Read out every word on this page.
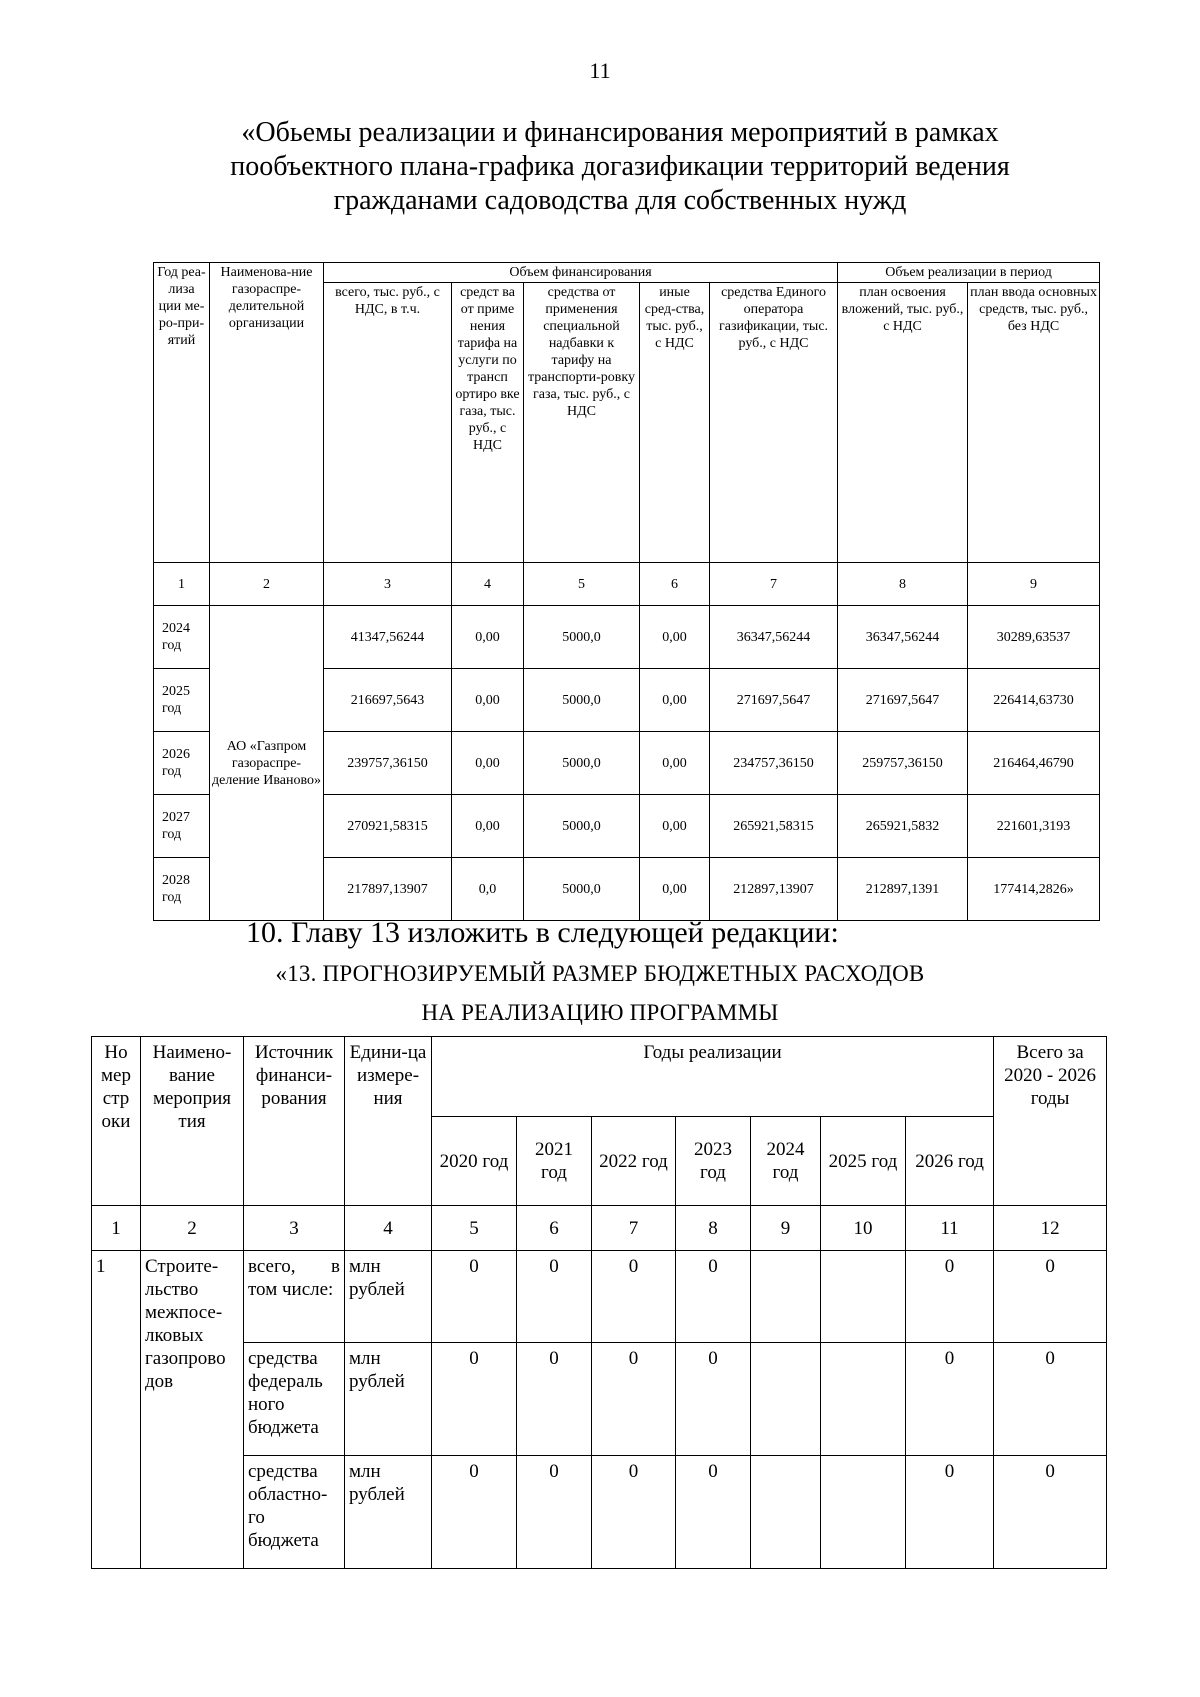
11
«Обьемы реализации и финансирования мероприятий в рамках пообъектного плана-графика догазификации территорий ведения гражданами садоводства для собственных нужд
Год реа-лиза ции ме-ро-при-ятий	Наименова-ние газораспре-делительной организации	Объем финансирования					Объем реализации в период	
		всего, тыс. руб., с НДС, в т.ч.	средст ва от приме нения тарифа на услуги по трансп ортиро вке газа, тыс. руб., с НДС	средства от применения специальной надбавки к тарифу на транспорти-ровку газа, тыс. руб., с НДС	иные сред-ства, тыс. руб., с НДС	средства Единого оператора газификации, тыс. руб., с НДС	план освоения вложений, тыс. руб., с НДС	план ввода основных средств, тыс. руб., без НДС
1	2	3	4	5	6	7	8	9
2024 год	АО «Газпром газораспре-деление Иваново»	41347,56244	0,00	5000,0	0,00	36347,56244	36347,56244	30289,63537
2025 год		216697,5643	0,00	5000,0	0,00	271697,5647	271697,5647	226414,63730
2026 год		239757,36150	0,00	5000,0	0,00	234757,36150	259757,36150	216464,46790
2027 год		270921,58315	0,00	5000,0	0,00	265921,58315	265921,5832	221601,3193
2028 год		217897,13907	0,0	5000,0	0,00	212897,13907	212897,1391	177414,2826»
10. Главу 13 изложить в следующей редакции:
«13. ПРОГНОЗИРУЕМЫЙ РАЗМЕР БЮДЖЕТНЫХ РАСХОДОВ
НА РЕАЛИЗАЦИЮ ПРОГРАММЫ
Но мер стр оки	Наимено-вание мероприя тия	Источник финанси-рования	Едини-ца измере-ния	Годы реализации							Всего за 2020 - 2026 годы
				2020 год	2021 год	2022 год	2023 год	2024 год	2025 год	2026 год	
1	2	3	4	5	6	7	8	9	10	11	12
1	Строите-льство межпосе-лковых газопрово дов	всего, в том числе:	млн рублей	0	0	0	0			0	0
		средства федераль ного бюджета	млн рублей	0	0	0	0			0	0
		средства областно-го бюджета	млн рублей	0	0	0	0			0	0
